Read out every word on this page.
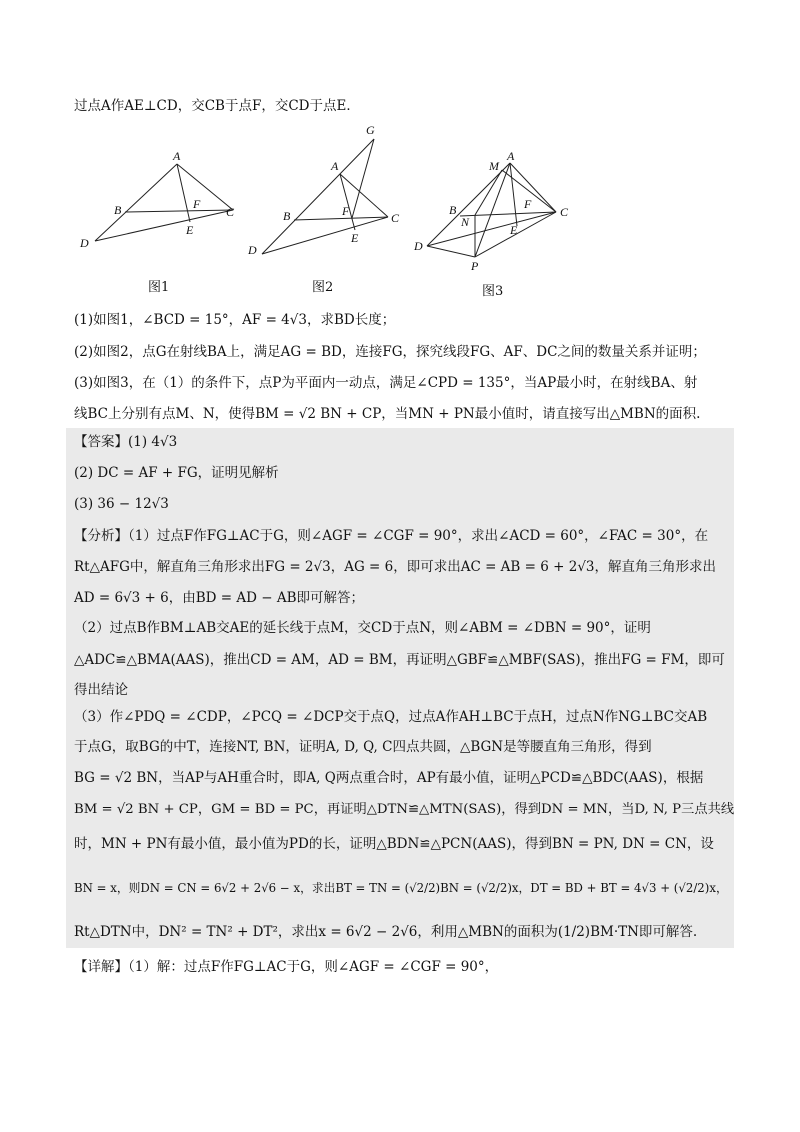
过点A作AE⊥CD，交CB于点F，交CD于点E．
A
B	C
D
E
F
G
A
B	C
D
E
F
M
A
B
N
F
C
D
E
P
图1	图2	图3
(1)如图1，∠BCD = 15°，AF = 4√3，求BD长度；
(2)如图2，点G在射线BA上，满足AG = BD，连接FG，探究线段FG、AF、DC之间的数量关系并证明；
(3)如图3，在（1）的条件下，点P为平面内一动点，满足∠CPD = 135°，当AP最小时，在射线BA、射
线BC上分别有点M、N，使得BM = √2 BN + CP，当MN + PN最小值时，请直接写出△MBN的面积.
【答案】(1) 4√3
(2) DC = AF + FG，证明见解析
(3) 36 − 12√3
【分析】（1）过点F作FG⊥AC于G，则∠AGF = ∠CGF = 90°，求出∠ACD = 60°，∠FAC = 30°，在
Rt△AFG中，解直角三角形求出FG = 2√3，AG = 6，即可求出AC = AB = 6 + 2√3，解直角三角形求出
AD = 6√3 + 6，由BD = AD − AB即可解答；
（2）过点B作BM⊥AB交AE的延长线于点M，交CD于点N，则∠ABM = ∠DBN = 90°，证明
△ADC≌△BMA(AAS)，推出CD = AM，AD = BM，再证明△GBF≌△MBF(SAS)，推出FG = FM，即可
得出结论
（3）作∠PDQ = ∠CDP，∠PCQ = ∠DCP交于点Q，过点A作AH⊥BC于点H，过点N作NG⊥BC交AB
于点G，取BG的中T，连接NT, BN，证明A, D, Q, C四点共圆，△BGN是等腰直角三角形，得到
BG = √2 BN，当AP与AH重合时，即A, Q两点重合时，AP有最小值，证明△PCD≌△BDC(AAS)，根据
BM = √2 BN + CP，GM = BD = PC，再证明△DTN≌△MTN(SAS)，得到DN = MN，当D, N, P三点共线
时，MN + PN有最小值，最小值为PD的长，证明△BDN≌△PCN(AAS)，得到BN = PN, DN = CN，设
BN = x，则DN = CN = 6√2 + 2√6 − x，求出BT = TN = (√2/2)BN = (√2/2)x，DT = BD + BT = 4√3 + (√2/2)x，
Rt△DTN中，DN² = TN² + DT²，求出x = 6√2 − 2√6，利用△MBN的面积为(1/2)BM·TN即可解答.
【详解】（1）解：过点F作FG⊥AC于G，则∠AGF = ∠CGF = 90°，
